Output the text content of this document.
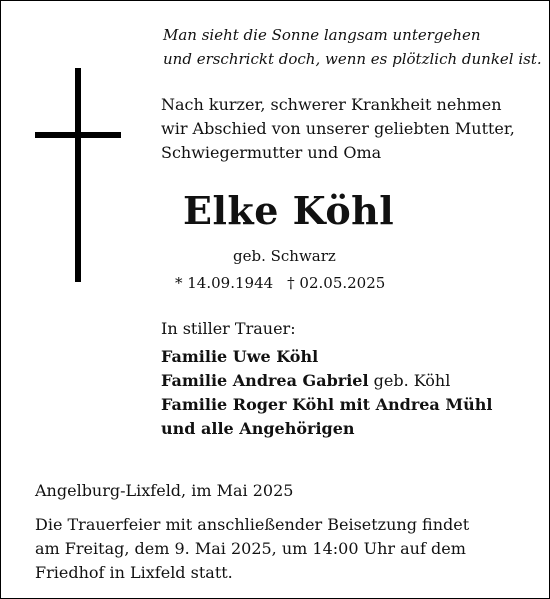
Man sieht die Sonne langsam untergehen
und erschrickt doch, wenn es plötzlich dunkel ist.
Nach kurzer, schwerer Krankheit nehmen
wir Abschied von unserer geliebten Mutter,
Schwiegermutter und Oma
Elke Köhl
geb. Schwarz
* 14.09.1944 † 02.05.2025
In stiller Trauer:
Familie Uwe Köhl
Familie Andrea Gabriel geb. Köhl
Familie Roger Köhl mit Andrea Mühl
und alle Angehörigen
Angelburg-Lixfeld, im Mai 2025
Die Trauerfeier mit anschließender Beisetzung findet
am Freitag, dem 9. Mai 2025, um 14:00 Uhr auf dem
Friedhof in Lixfeld statt.
